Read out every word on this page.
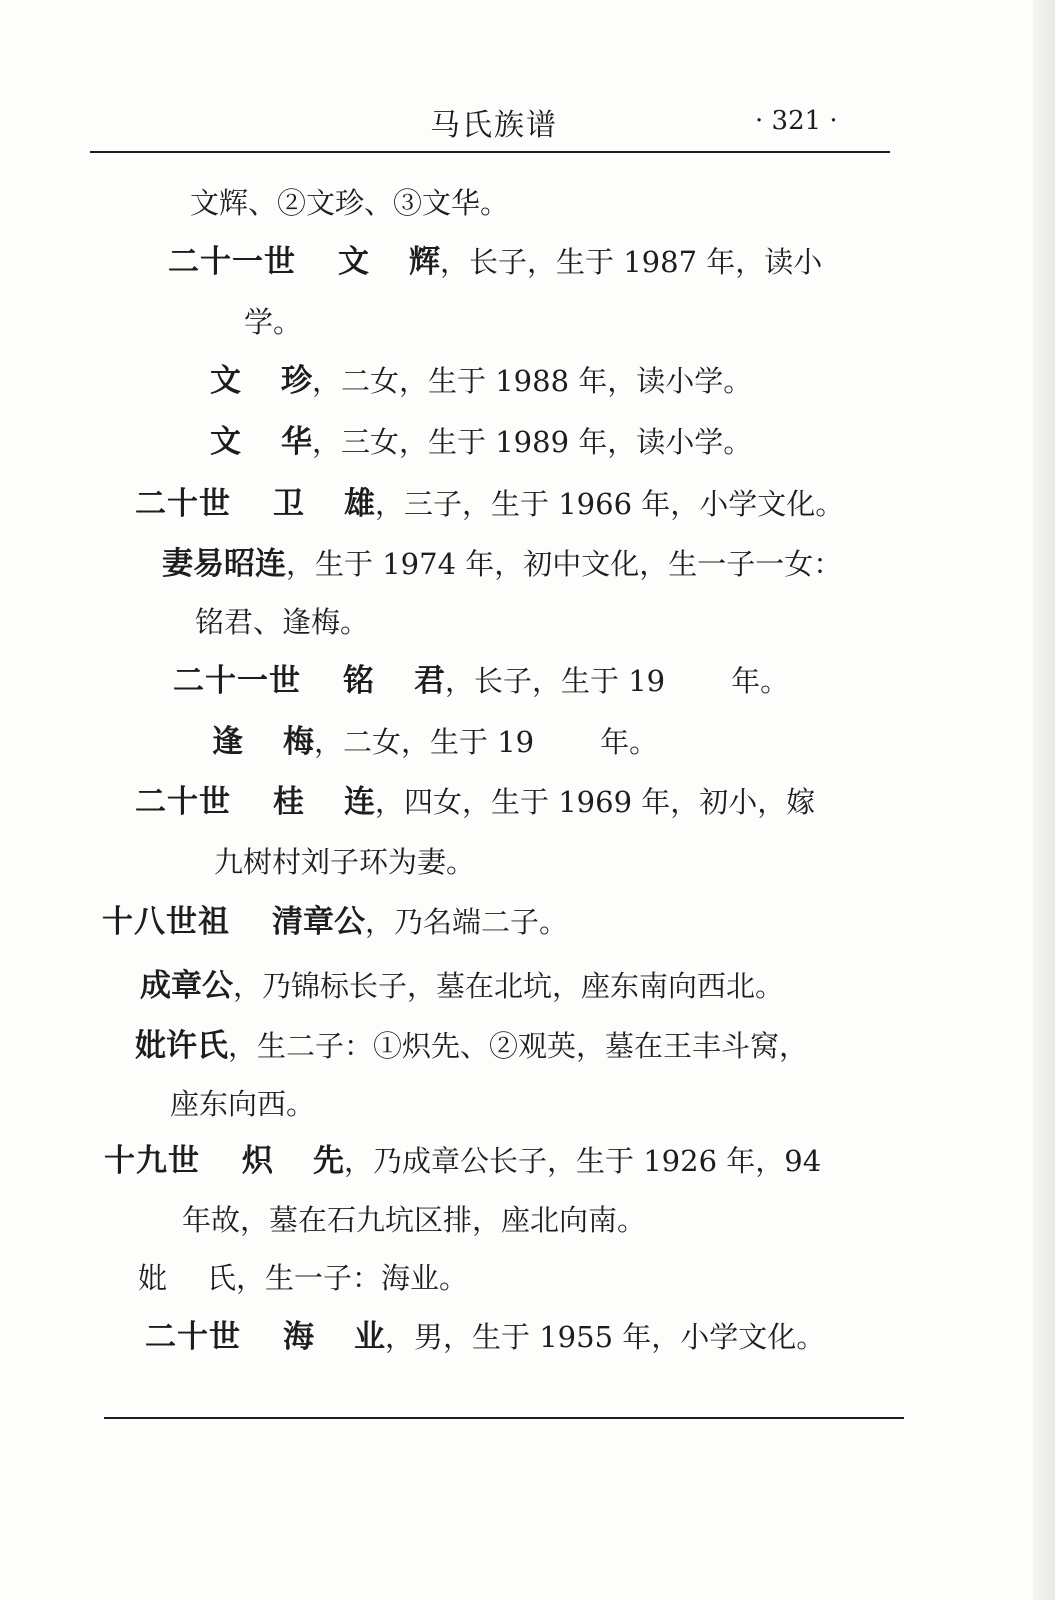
马氏族谱	· 321 ·
文辉、②文珍、③文华。
二十一世 文 辉，长子，生于 1987 年，读小
学。
文 珍，二女，生于 1988 年，读小学。
文 华，三女，生于 1989 年，读小学。
二十世 卫 雄，三子，生于 1966 年，小学文化。
妻易昭连，生于 1974 年，初中文化，生一子一女：
铭君、逢梅。
二十一世 铭 君，长子，生于 19 年。
逢 梅，二女，生于 19 年。
二十世 桂 连，四女，生于 1969 年，初小，嫁
九树村刘子环为妻。
十八世祖 清章公，乃名端二子。
成章公，乃锦标长子，墓在北坑，座东南向西北。
妣许氏，生二子：①炽先、②观英，墓在王丰斗窝，
座东向西。
十九世 炽 先，乃成章公长子，生于 1926 年，94
年故，墓在石九坑区排，座北向南。
妣 氏，生一子：海业。
二十世 海 业，男，生于 1955 年，小学文化。
